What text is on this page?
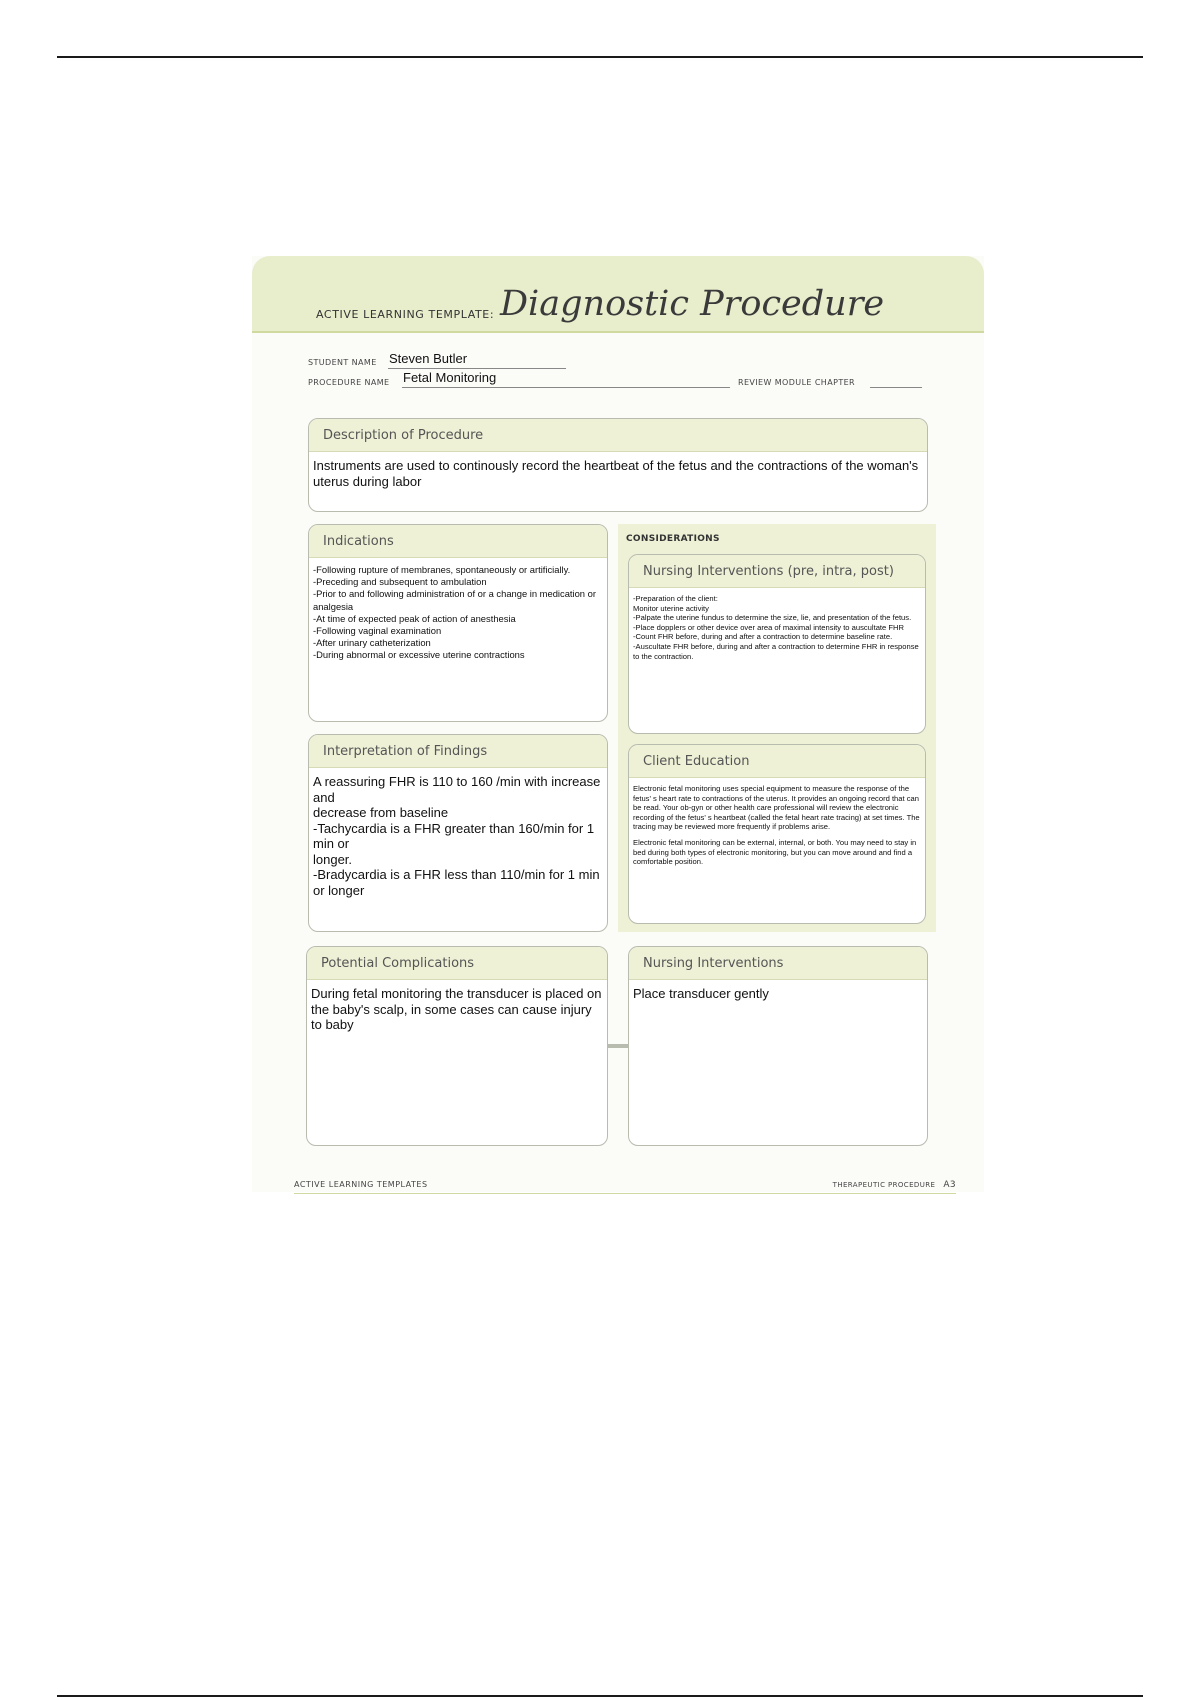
ACTIVE LEARNING TEMPLATE: Diagnostic Procedure
STUDENT NAME Steven Butler
PROCEDURE NAME Fetal Monitoring	REVIEW MODULE CHAPTER
Description of Procedure
Instruments are used to continously record the heartbeat of the fetus and the contractions of the woman's uterus during labor
Indications
-Following rupture of membranes, spontaneously or artificially.
-Preceding and subsequent to ambulation
-Prior to and following administration of or a change in medication or analgesia
-At time of expected peak of action of anesthesia
-Following vaginal examination
-After urinary catheterization
-During abnormal or excessive uterine contractions
Interpretation of Findings
A reassuring FHR is 110 to 160 /min with increase and
decrease from baseline
-Tachycardia is a FHR greater than 160/min for 1 min or
longer.
-Bradycardia is a FHR less than 110/min for 1 min or longer
CONSIDERATIONS
Nursing Interventions (pre, intra, post)
-Preparation of the client:
Monitor uterine activity
-Palpate the uterine fundus to determine the size, lie, and presentation of the fetus.
-Place dopplers or other device over area of maximal intensity to auscultate FHR
-Count FHR before, during and after a contraction to determine baseline rate.
-Auscultate FHR before, during and after a contraction to determine FHR in response to the contraction.
Client Education
Electronic fetal monitoring uses special equipment to measure the response of the fetus' s heart rate to contractions of the uterus. It provides an ongoing record that can be read. Your ob-gyn or other health care professional will review the electronic recording of the fetus' s heartbeat (called the fetal heart rate tracing) at set times. The tracing may be reviewed more frequently if problems arise.
Electronic fetal monitoring can be external, internal, or both. You may need to stay in bed during both types of electronic monitoring, but you can move around and find a comfortable position.
Potential Complications
During fetal monitoring the transducer is placed on the baby's scalp, in some cases can cause injury to baby
Nursing Interventions
Place transducer gently
ACTIVE LEARNING TEMPLATES	THERAPEUTIC PROCEDURE A3
